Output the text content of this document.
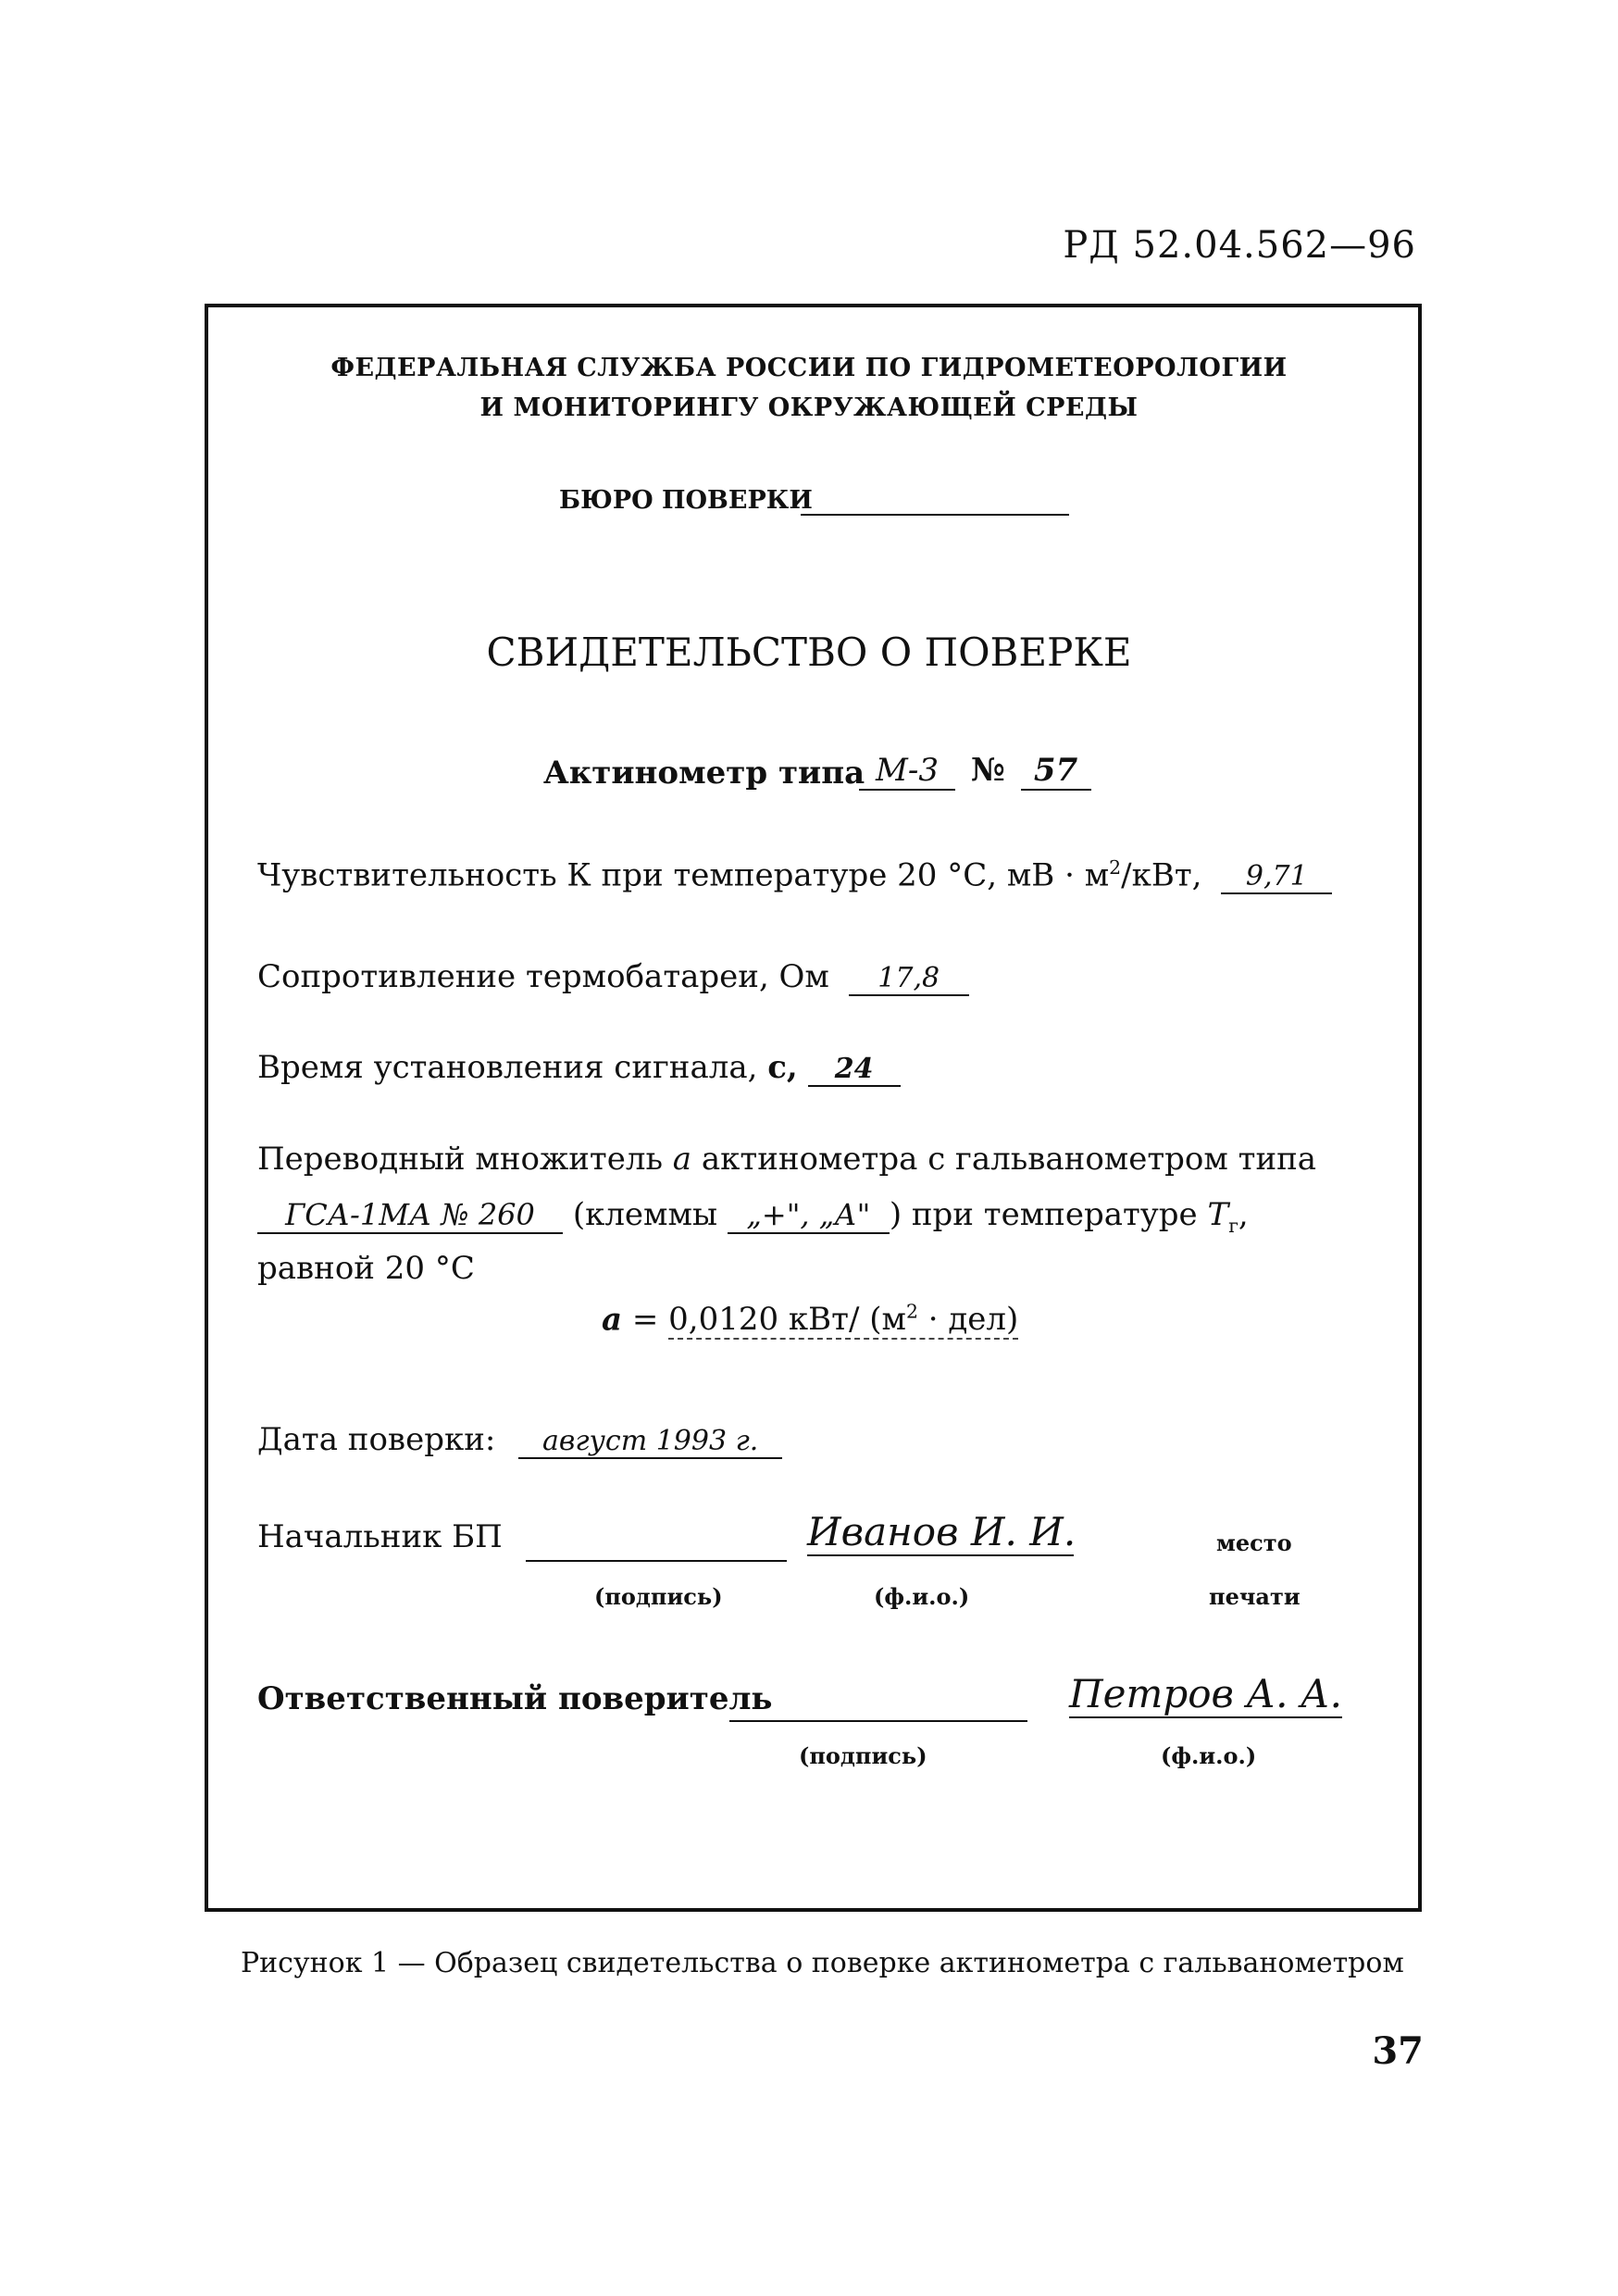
РД 52.04.562—96
ФЕДЕРАЛЬНАЯ СЛУЖБА РОССИИ ПО ГИДРОМЕТЕОРОЛОГИИ
И МОНИТОРИНГУ ОКРУЖАЮЩЕЙ СРЕДЫ
БЮРО ПОВЕРКИ
СВИДЕТЕЛЬСТВО О ПОВЕРКЕ
Актинометр типа М-3 № 57
Чувствительность К при температуре 20 °С, мВ · $м^2$/кВт, 9,71
Сопротивление термобатареи, Ом 17,8
Время установления сигнала, с, 24
Переводный множитель a актинометра с гальванометром типа
ГСА-1МА № 260 (клеммы „+", „А" ) при температуре $T_г$,
равной 20 °С
a = 0,0120 кВт/ $(м^2 \cdot дел)$
Дата поверки: август 1993 г.
Начальник БП	Иванов И. И.	место
(подпись)	(ф.и.о.)	печати
Ответственный поверитель	Петров А. А.
(подпись)	(ф.и.о.)
Рисунок 1 — Образец свидетельства о поверке актинометра с гальванометром
37
